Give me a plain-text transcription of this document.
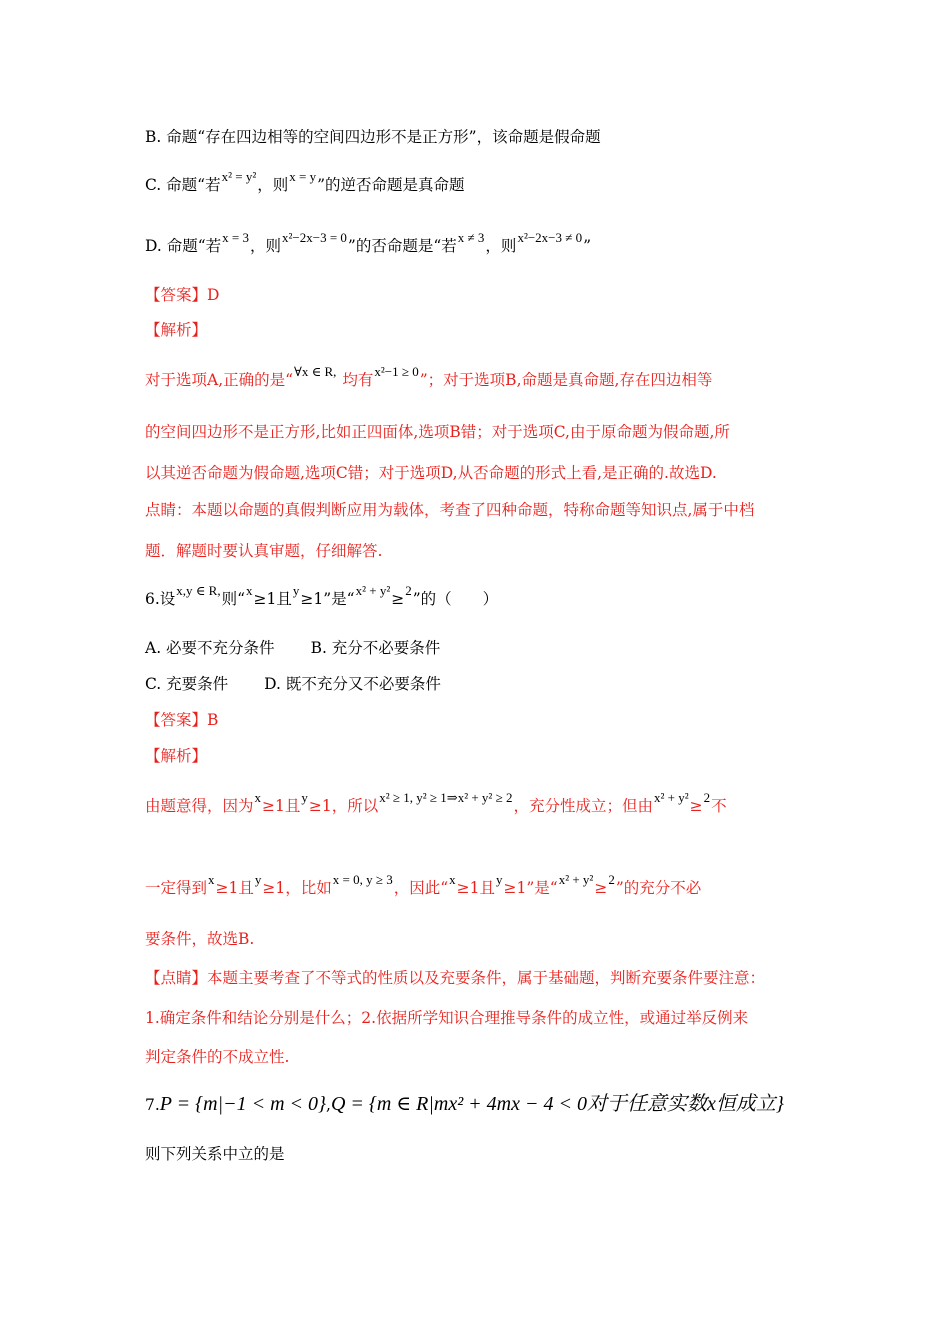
B. 命题“存在四边相等的空间四边形不是正方形”，该命题是假命题
C. 命题“若$^{x^2 = y^2}$，则$^{x = y}$”的逆否命题是真命题
D. 命题“若$^{x = 3}$，则$^{x^2-2x-3 = 0}$”的否命题是“若$^{x \ne 3}$，则$^{x^2-2x-3 \ne 0}$”
【答案】D
【解析】
对于选项A,正确的是“$^{\forall x \in R,}$ 均有$^{x^2-1 \ge 0}$”；对于选项B,命题是真命题,存在四边相等
的空间四边形不是正方形,比如正四面体,选项B错；对于选项C,由于原命题为假命题,所
以其逆否命题为假命题,选项C错；对于选项D,从否命题的形式上看,是正确的.故选D.
点睛：本题以命题的真假判断应用为载体，考查了四种命题，特称命题等知识点,属于中档
题．解题时要认真审题，仔细解答.
6.设$^{x,y \in R,}$则“$^x$≥1且$^y$≥1”是“$^{x^2 + y^2}$≥$^2$”的（　　）
A. 必要不充分条件 B. 充分不必要条件
C. 充要条件 D. 既不充分又不必要条件
【答案】B
【解析】
由题意得，因为$^x$≥1且$^y$≥1，所以$^{x^2 \ge 1, y^2 \ge 1\Rightarrow x^2 + y^2 \ge 2}$，充分性成立；但由$^{x^2 + y^2}$≥$^2$不
一定得到$^x$≥1且$^y$≥1，比如$^{x = 0, y \ge 3}$，因此“$^x$≥1且$^y$≥1”是“$^{x^2 + y^2}$≥$^2$”的充分不必
要条件，故选B.
【点睛】本题主要考查了不等式的性质以及充要条件，属于基础题，判断充要条件要注意：
1.确定条件和结论分别是什么；2.依据所学知识合理推导条件的成立性，或通过举反例来
判定条件的不成立性.
7.P = {m|−1 < m < 0},Q = {m ∈ R|mx² + 4mx − 4 < 0对于任意实数x恒成立}
则下列关系中立的是
